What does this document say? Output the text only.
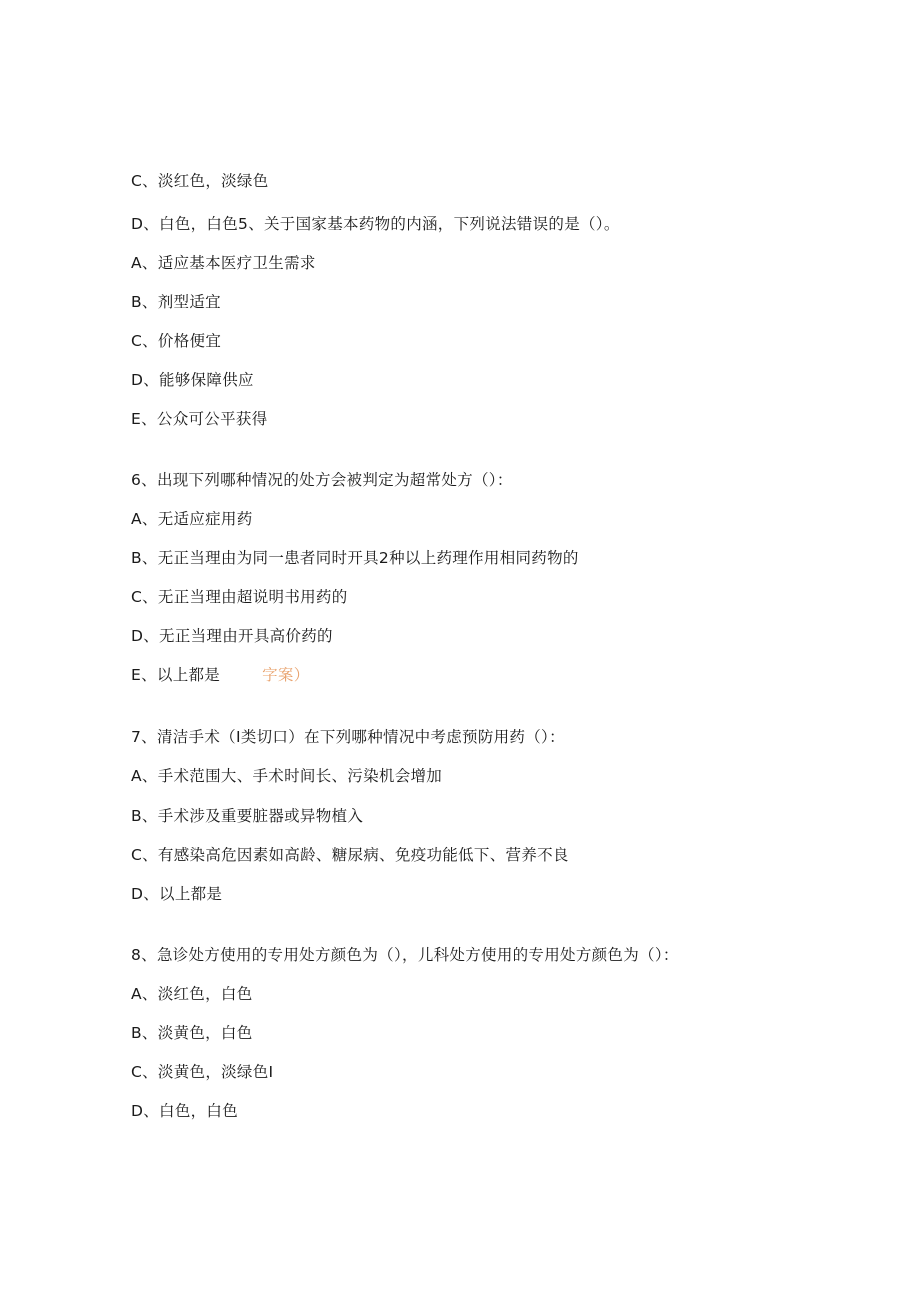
C、淡红色，淡绿色
D、白色，白色5、关于国家基本药物的内涵，下列说法错误的是（）。
A、适应基本医疗卫生需求
B、剂型适宜
C、价格便宜
D、能够保障供应
E、公众可公平获得
6、出现下列哪种情况的处方会被判定为超常处方（）：
A、无适应症用药
B、无正当理由为同一患者同时开具2种以上药理作用相同药物的
C、无正当理由超说明书用药的
D、无正当理由开具高价药的
E、以上都是	字案）
7、清洁手术（I类切口）在下列哪种情况中考虑预防用药（）：
A、手术范围大、手术时间长、污染机会增加
B、手术涉及重要脏器或异物植入
C、有感染高危因素如高龄、糖尿病、免疫功能低下、营养不良
D、以上都是
8、急诊处方使用的专用处方颜色为（），儿科处方使用的专用处方颜色为（）：
A、淡红色，白色
B、淡黄色，白色
C、淡黄色，淡绿色I
D、白色，白色
